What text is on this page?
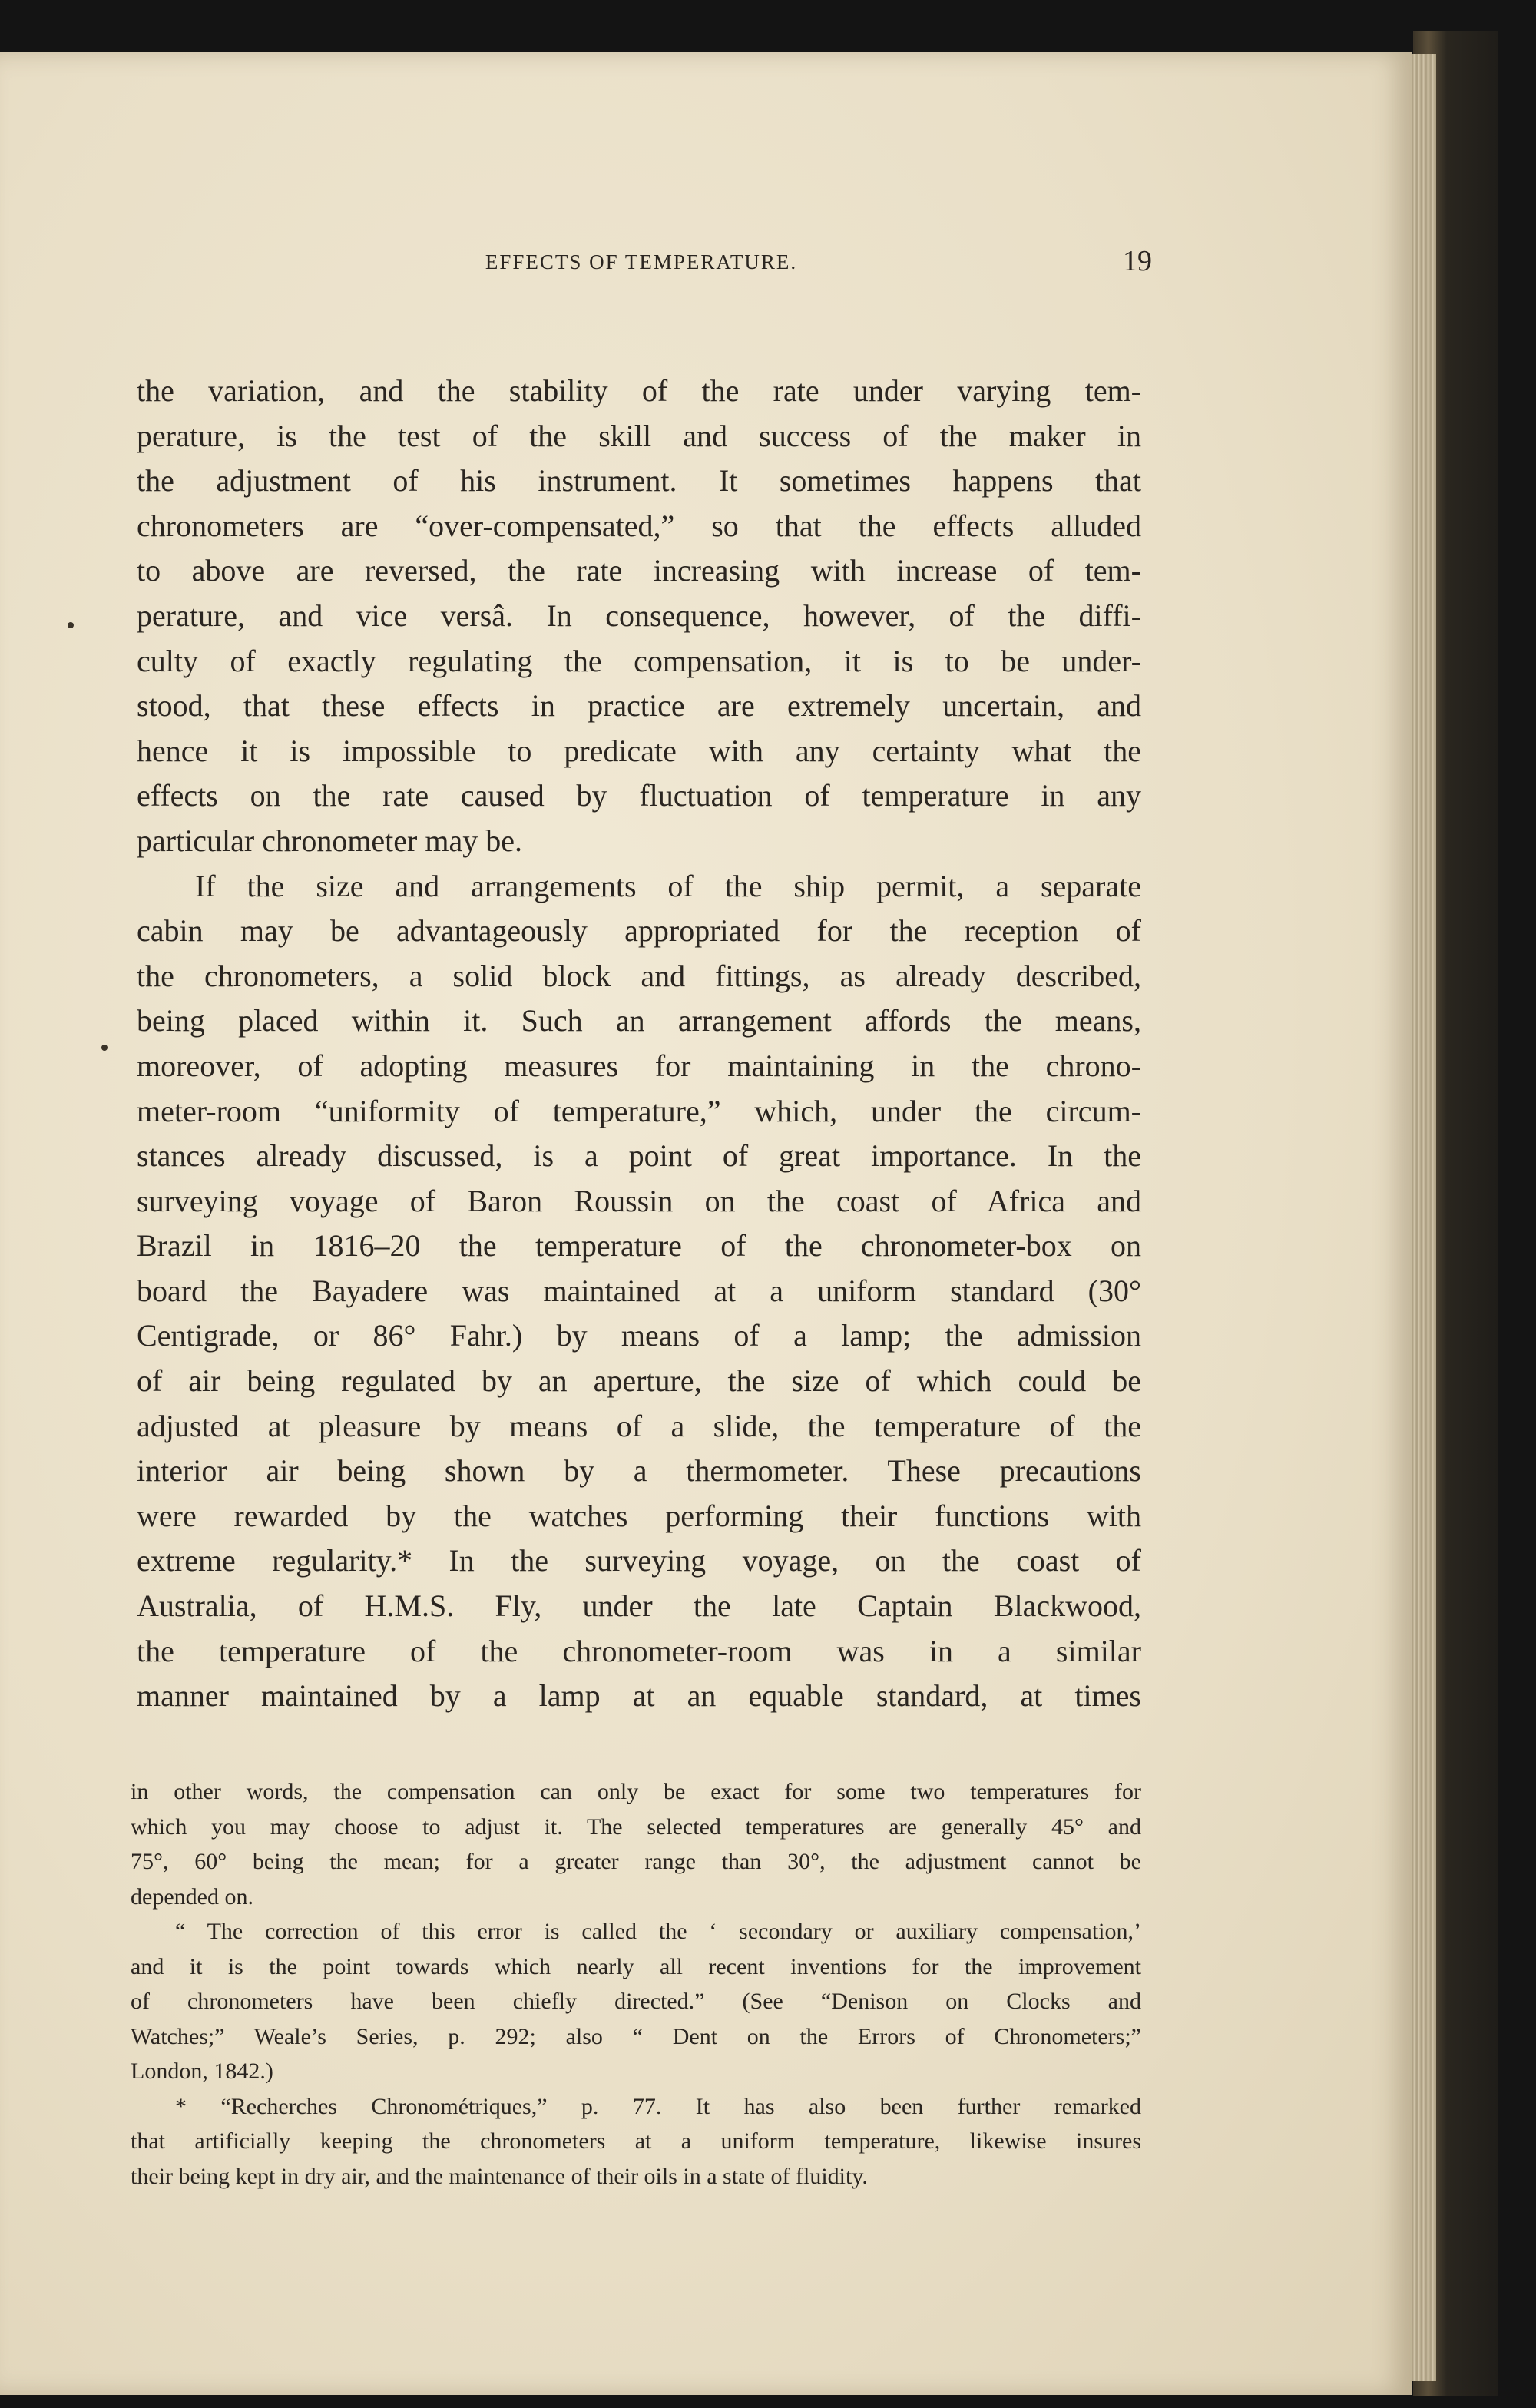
EFFECTS OF TEMPERATURE.	19
the variation, and the stability of the rate under varying tem-
perature, is the test of the skill and success of the maker in
the adjustment of his instrument. It sometimes happens that
chronometers are “over-compensated,” so that the effects alluded
to above are reversed, the rate increasing with increase of tem-
perature, and vice versâ. In consequence, however, of the diffi-
culty of exactly regulating the compensation, it is to be under-
stood, that these effects in practice are extremely uncertain, and
hence it is impossible to predicate with any certainty what the
effects on the rate caused by fluctuation of temperature in any
particular chronometer may be.
If the size and arrangements of the ship permit, a separate
cabin may be advantageously appropriated for the reception of
the chronometers, a solid block and fittings, as already described,
being placed within it. Such an arrangement affords the means,
moreover, of adopting measures for maintaining in the chrono-
meter-room “uniformity of temperature,” which, under the circum-
stances already discussed, is a point of great importance. In the
surveying voyage of Baron Roussin on the coast of Africa and
Brazil in 1816–20 the temperature of the chronometer-box on
board the Bayadere was maintained at a uniform standard (30°
Centigrade, or 86° Fahr.) by means of a lamp; the admission
of air being regulated by an aperture, the size of which could be
adjusted at pleasure by means of a slide, the temperature of the
interior air being shown by a thermometer. These precautions
were rewarded by the watches performing their functions with
extreme regularity.* In the surveying voyage, on the coast of
Australia, of H.M.S. Fly, under the late Captain Blackwood,
the temperature of the chronometer-room was in a similar
manner maintained by a lamp at an equable standard, at times
in other words, the compensation can only be exact for some two temperatures for
which you may choose to adjust it. The selected temperatures are generally 45° and
75°, 60° being the mean; for a greater range than 30°, the adjustment cannot be
depended on.
“ The correction of this error is called the ‘ secondary or auxiliary compensation,’
and it is the point towards which nearly all recent inventions for the improvement
of chronometers have been chiefly directed.” (See “Denison on Clocks and
Watches;” Weale’s Series, p. 292; also “ Dent on the Errors of Chronometers;”
London, 1842.)
* “Recherches Chronométriques,” p. 77. It has also been further remarked
that artificially keeping the chronometers at a uniform temperature, likewise insures
their being kept in dry air, and the maintenance of their oils in a state of fluidity.
